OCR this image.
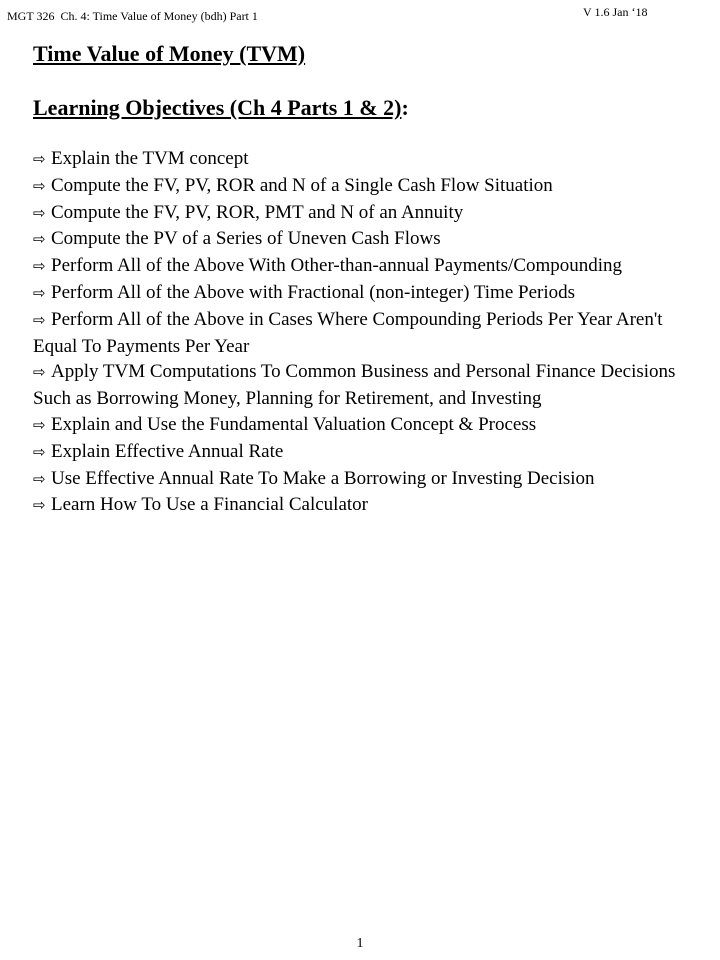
MGT 326  Ch. 4: Time Value of Money (bdh) Part 1	V 1.6 Jan ‘18
Time Value of Money (TVM)
Learning Objectives (Ch 4 Parts 1 & 2):
⇨ Explain the TVM concept
⇨ Compute the FV, PV, ROR and N of a Single Cash Flow Situation
⇨ Compute the FV, PV, ROR, PMT and N of an Annuity
⇨ Compute the PV of a Series of Uneven Cash Flows
⇨ Perform All of the Above With Other-than-annual Payments/Compounding
⇨ Perform All of the Above with Fractional (non-integer) Time Periods
⇨ Perform All of the Above in Cases Where Compounding Periods Per Year Aren't Equal To Payments Per Year
⇨ Apply TVM Computations To Common Business and Personal Finance Decisions Such as Borrowing Money, Planning for Retirement, and Investing
⇨ Explain and Use the Fundamental Valuation Concept & Process
⇨ Explain Effective Annual Rate
⇨ Use Effective Annual Rate To Make a Borrowing or Investing Decision
⇨ Learn How To Use a Financial Calculator
1
